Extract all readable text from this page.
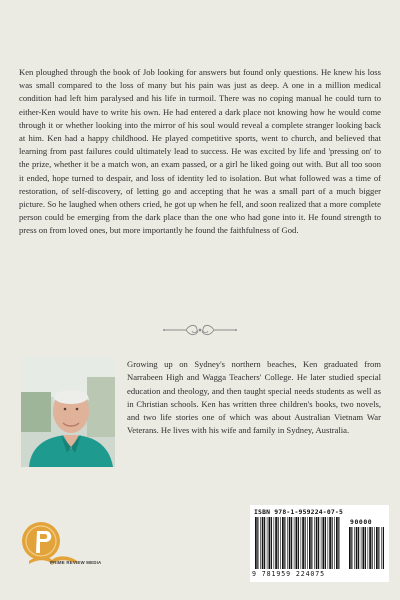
Ken ploughed through the book of Job looking for answers but found only questions. He knew his loss was small compared to the loss of many but his pain was just as deep. A one in a million medical condition had left him paralysed and his life in turmoil. There was no coping manual he could turn to either-Ken would have to write his own. He had entered a dark place not knowing how he would come through it or whether looking into the mirror of his soul would reveal a complete stranger looking back at him. Ken had a happy childhood. He played competitive sports, went to church, and believed that learning from past failures could ultimately lead to success. He was excited by life and 'pressing on' to the prize, whether it be a match won, an exam passed, or a girl he liked going out with. But all too soon it ended, hope turned to despair, and loss of identity led to isolation. But what followed was a time of restoration, of self-discovery, of letting go and accepting that he was a small part of a much bigger picture. So he laughed when others cried, he got up when he fell, and soon realized that a more complete person could be emerging from the dark place than the one who had gone into it. He found strength to press on from loved ones, but more importantly he found the faithfulness of God.

Growing up on Sydney's northern beaches, Ken graduated from Narrabeen High and Wagga Teachers' College. He later studied special education and theology, and then taught special needs students as well as in Christian schools. Ken has written three children's books, two novels, and two life stories one of which was about Australian Vietnam War Veterans. He lives with his wife and family in Sydney, Australia.

PRIME REVIEW MEDIA
ISBN 978-1-959224-07-5
90000
9 781959 224075
